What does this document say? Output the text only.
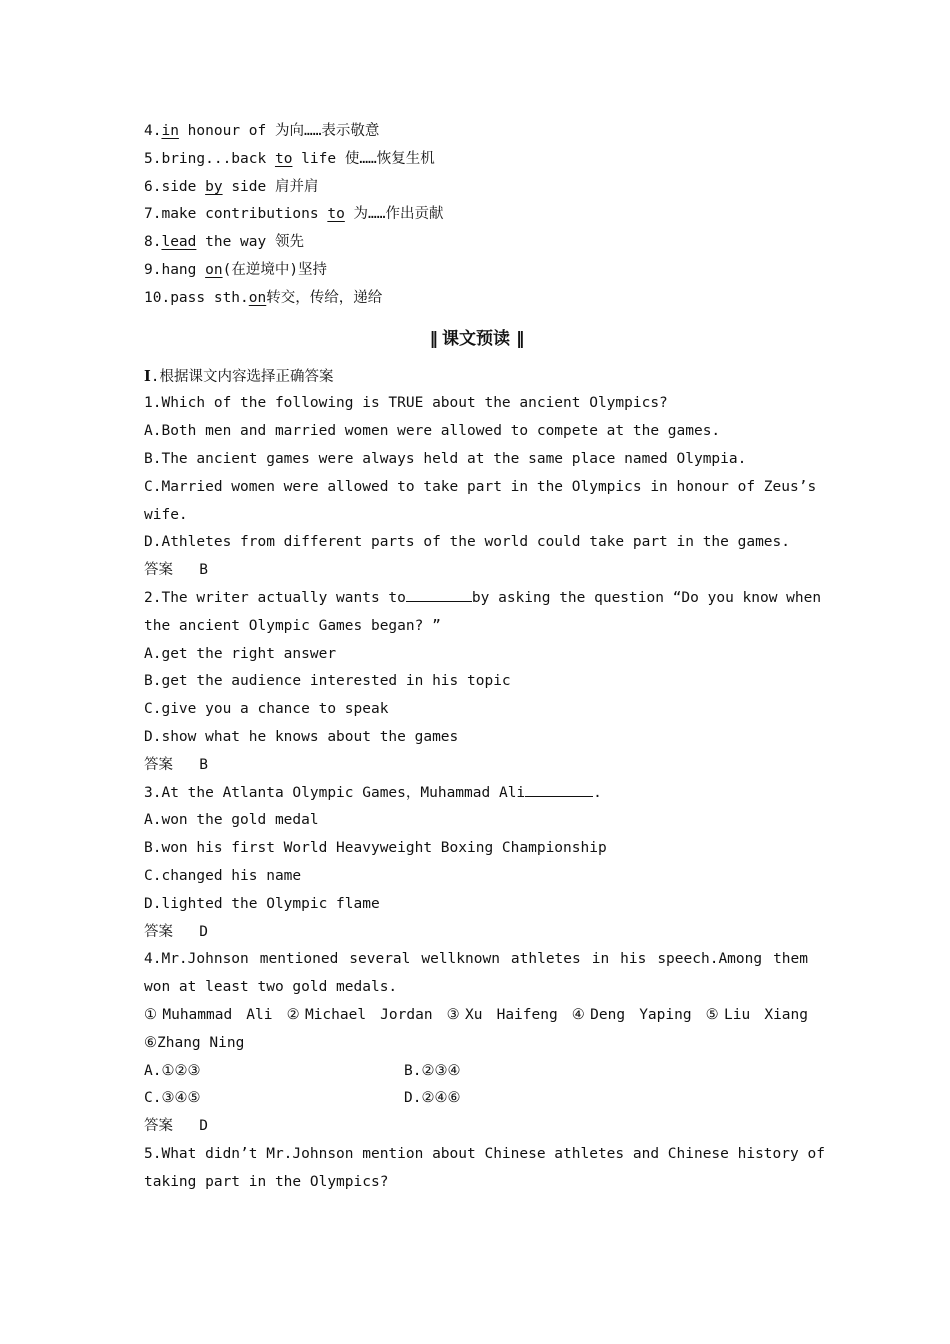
4.in honour of 为向……表示敬意
5.bring...back to life 使……恢复生机
6.side by side 肩并肩
7.make contributions to 为……作出贡献
8.lead the way 领先
9.hang on(在逆境中)坚持
10.pass sth.on转交，传给，递给
‖ 课文预读 ‖
Ⅰ.根据课文内容选择正确答案
1.Which of the following is TRUE about the ancient Olympics?
A.Both men and married women were allowed to compete at the games.
B.The ancient games were always held at the same place named Olympia.
C.Married women were allowed to take part in the Olympics in honour of Zeus’s
wife.
D.Athletes from different parts of the world could take part in the games.
答案 B
2.The writer actually wants to	by asking the question “Do you know when
the ancient Olympic Games began? ”
A.get the right answer
B.get the audience interested in his topic
C.give you a chance to speak
D.show what he knows about the games
答案 B
3.At the Atlanta Olympic Games，Muhammad Ali	.
A.won the gold medal
B.won his first World Heavyweight Boxing Championship
C.changed his name
D.lighted the Olympic flame
答案 D
4.Mr.Johnson mentioned several wellknown athletes in his speech.Among them
won at least two gold medals.
①Muhammad Ali ②Michael Jordan ③Xu Haifeng ④Deng Yaping ⑤Liu Xiang
⑥Zhang Ning
A.①②③	B.②③④
C.③④⑤	D.②④⑥
答案 D
5.What didn’t Mr.Johnson mention about Chinese athletes and Chinese history of
taking part in the Olympics?
